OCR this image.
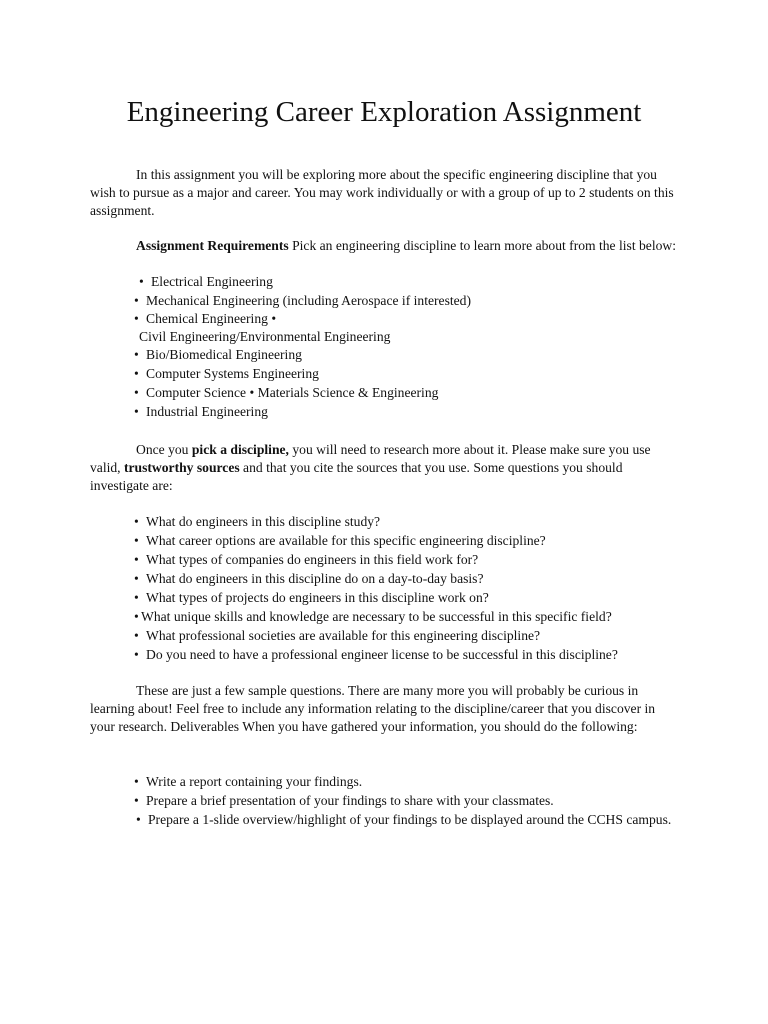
Engineering Career Exploration Assignment

In this assignment you will be exploring more about the specific engineering discipline that you wish to pursue as a major and career. You may work individually or with a group of up to 2 students on this assignment.

Assignment Requirements Pick an engineering discipline to learn more about from the list below:

• Electrical Engineering
• Mechanical Engineering (including Aerospace if interested)
• Chemical Engineering •
Civil Engineering/Environmental Engineering
• Bio/Biomedical Engineering
• Computer Systems Engineering
• Computer Science • Materials Science & Engineering
• Industrial Engineering

Once you pick a discipline, you will need to research more about it. Please make sure you use valid, trustworthy sources and that you cite the sources that you use. Some questions you should investigate are:

• What do engineers in this discipline study?
• What career options are available for this specific engineering discipline?
• What types of companies do engineers in this field work for?
• What do engineers in this discipline do on a day-to-day basis?
• What types of projects do engineers in this discipline work on?
• What unique skills and knowledge are necessary to be successful in this specific field?
• What professional societies are available for this engineering discipline?
• Do you need to have a professional engineer license to be successful in this discipline?

These are just a few sample questions. There are many more you will probably be curious in learning about! Feel free to include any information relating to the discipline/career that you discover in your research. Deliverables When you have gathered your information, you should do the following:

• Write a report containing your findings.
• Prepare a brief presentation of your findings to share with your classmates.

• Prepare a 1-slide overview/highlight of your findings to be displayed around the CCHS campus.
